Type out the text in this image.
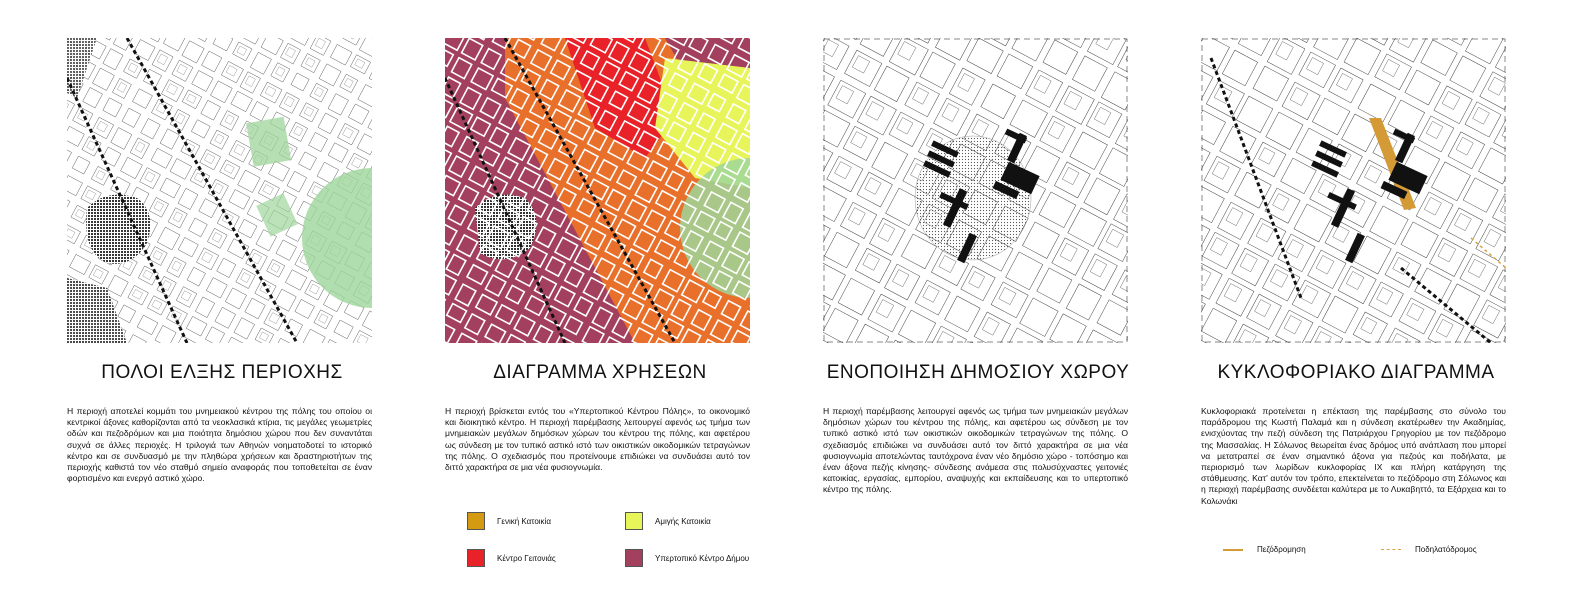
ΠΟΛΟΙ ΕΛΞΗΣ ΠΕΡΙΟΧΗΣ

Η περιοχή αποτελεί κομμάτι του μνημειακού κέντρου της πόλης του οποίου οι κεντρικοί άξονες καθορίζονται από τα νεοκλασικά κτίρια, τις μεγάλες γεωμετρίες οδών και πεζοδρόμων και μια ποιότητα δημόσιου χώρου που δεν συναντάται συχνά σε άλλες περιοχές. Η τριλογιά των Αθηνών νοηματοδοτεί το ιστορικό κέντρο και σε συνδυασμό με την πληθώρα χρήσεων και δραστηριοτήτων της περιοχής καθιστά τον νέο σταθμό σημείο αναφοράς που τοποθετείται σε έναν φορτισμένο και ενεργό αστικό χώρο.

ΔΙΑΓΡΑΜΜΑ ΧΡΗΣΕΩΝ

Η περιοχή βρίσκεται εντός του «Υπερτοπικού Κέντρου Πόλης», το οικονομικό και διοικητικό κέντρο. Η περιοχή παρέμβασης λειτουργεί αφενός ως τμήμα των μνημειακών μεγάλων δημόσιων χώρων του κέντρου της πόλης, και αφετέρου ως σύνδεση με τον τυπικό αστικό ιστό των οικιστικών οικοδομικών τετραγώνων της πόλης. Ο σχεδιασμός που προτείνουμε επιδιώκει να συνδυάσει αυτό τον διττό χαρακτήρα σε μια νέα φυσιογνωμία.

Γενική Κατοικία	Αμιγής Κατοικία
Κέντρο Γειτονιάς	Υπερτοπικό Κέντρο Δήμου
ΕΝΟΠΟΙΗΣΗ ΔΗΜΟΣΙΟΥ ΧΩΡΟΥ

Η περιοχή παρέμβασης λειτουργεί αφενός ως τμήμα των μνημειακών μεγάλων δημόσιων χώρων του κέντρου της πόλης, και αφετέρου ως σύνδεση με τον τυπικό αστικό ιστό των οικιστικών οικοδομικών τετραγώνων της πόλης. Ο σχεδιασμός επιδιώκει να συνδυάσει αυτό τον διττό χαρακτήρα σε μια νέα φυσιογνωμία αποτελώντας ταυτόχρονα έναν νέο δημόσιο χώρο - τοπόσημο και έναν άξονα πεζής κίνησης- σύνδεσης ανάμεσα στις πολυσύχναστες γειτονιές κατοικίας, εργασίας, εμπορίου, αναψυχής και εκπαίδευσης και το υπερτοπικό κέντρο της πόλης.

ΚΥΚΛΟΦΟΡΙΑΚΟ ΔΙΑΓΡΑΜΜΑ

Κυκλοφοριακά προτείνεται η επέκταση της παρέμβασης στο σύνολο του παράδρομου της Κωστή Παλαμά και η σύνδεση εκατέρωθεν την Ακαδημίας, ενισχύοντας την πεζή σύνδεση της Πατριάρχου Γρηγορίου με τον πεζόδρομο της Μασσαλίας. Η Σόλωνος θεωρείται ένας δρόμος υπό ανάπλαση που μπορεί να μετατραπεί σε έναν σημαντικό άξονα για πεζούς και ποδήλατα, με περιορισμό των λωρίδων κυκλοφορίας ΙΧ και πλήρη κατάργηση της στάθμευσης. Κατ' αυτόν τον τρόπο, επεκτείνεται το πεζόδρομο στη Σόλωνος και η περιοχή παρέμβασης συνδέεται καλύτερα με το Λυκαβηττό, τα Εξάρχεια και το Κολωνάκι

Πεζόδρομηση	Ποδηλατόδρομος
